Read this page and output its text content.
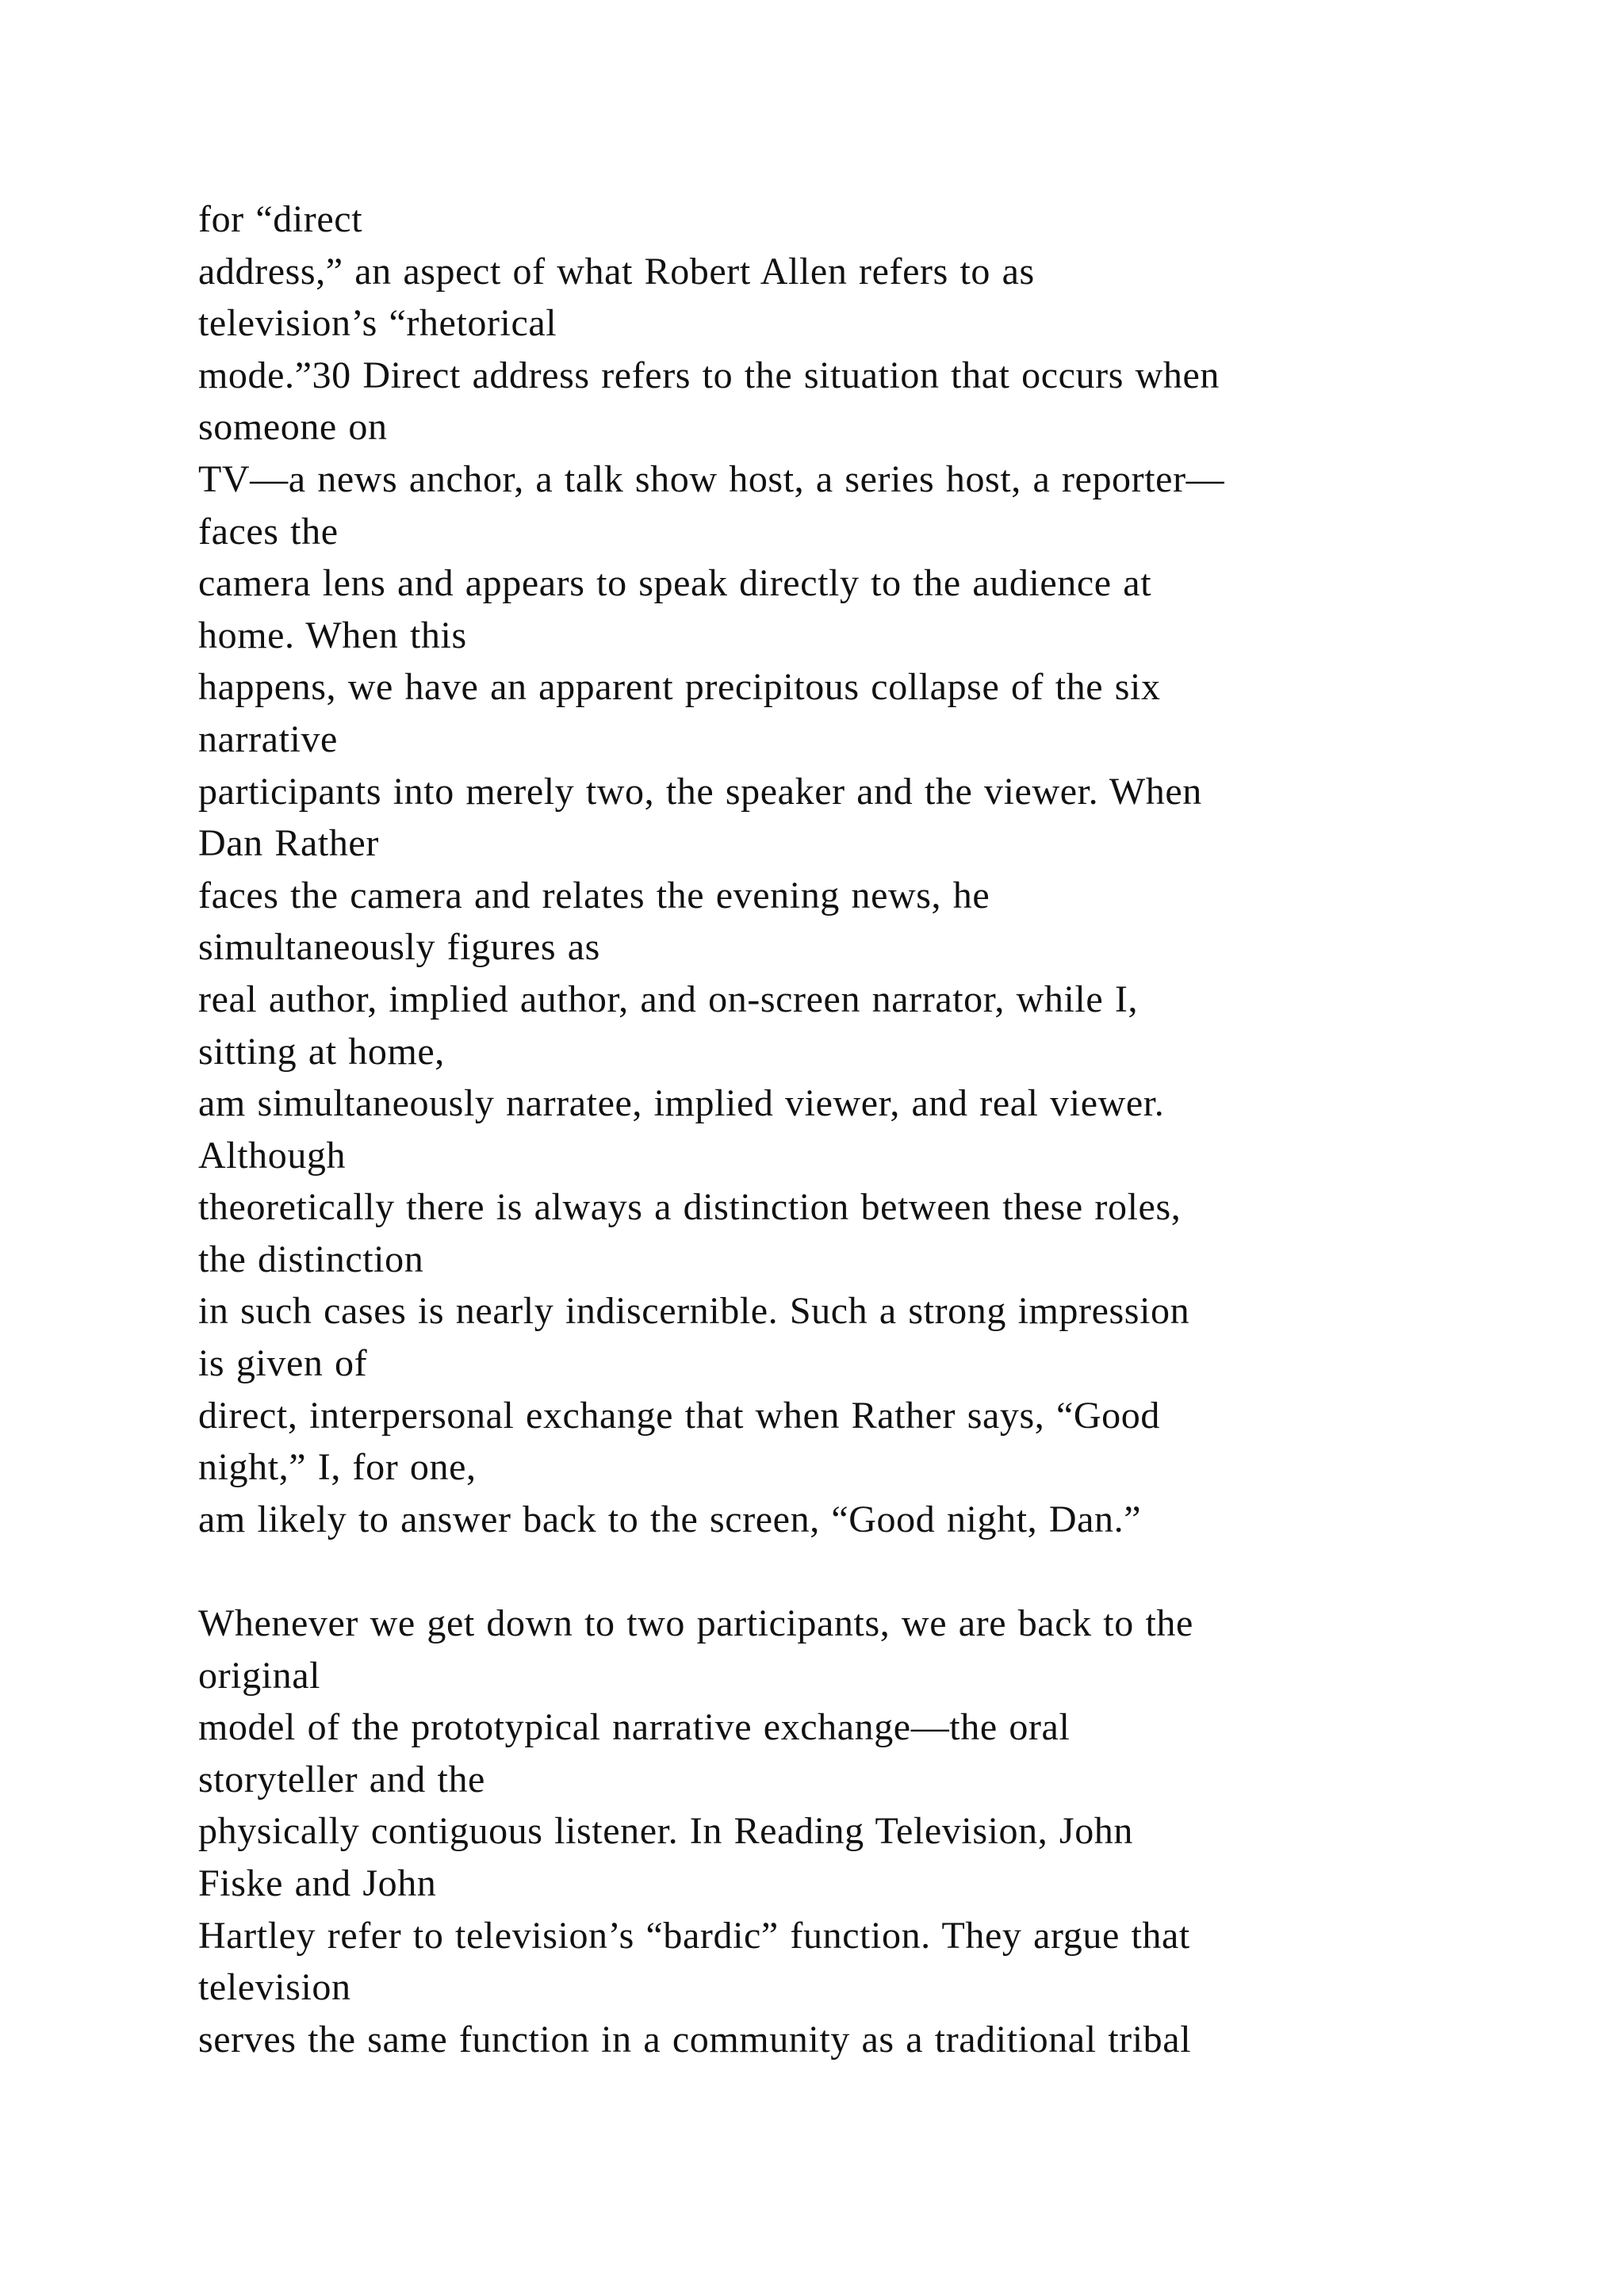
for “direct
address,” an aspect of what Robert Allen refers to as
television’s “rhetorical
mode.”30 Direct address refers to the situation that occurs when
someone on
TV—a news anchor, a talk show host, a series host, a reporter—
faces the
camera lens and appears to speak directly to the audience at
home. When this
happens, we have an apparent precipitous collapse of the six
narrative
participants into merely two, the speaker and the viewer. When
Dan Rather
faces the camera and relates the evening news, he
simultaneously figures as
real author, implied author, and on-screen narrator, while I,
sitting at home,
am simultaneously narratee, implied viewer, and real viewer.
Although
theoretically there is always a distinction between these roles,
the distinction
in such cases is nearly indiscernible. Such a strong impression
is given of
direct, interpersonal exchange that when Rather says, “Good
night,” I, for one,
am likely to answer back to the screen, “Good night, Dan.”
Whenever we get down to two participants, we are back to the
original
model of the prototypical narrative exchange—the oral
storyteller and the
physically contiguous listener. In Reading Television, John
Fiske and John
Hartley refer to television’s “bardic” function. They argue that
television
serves the same function in a community as a traditional tribal
